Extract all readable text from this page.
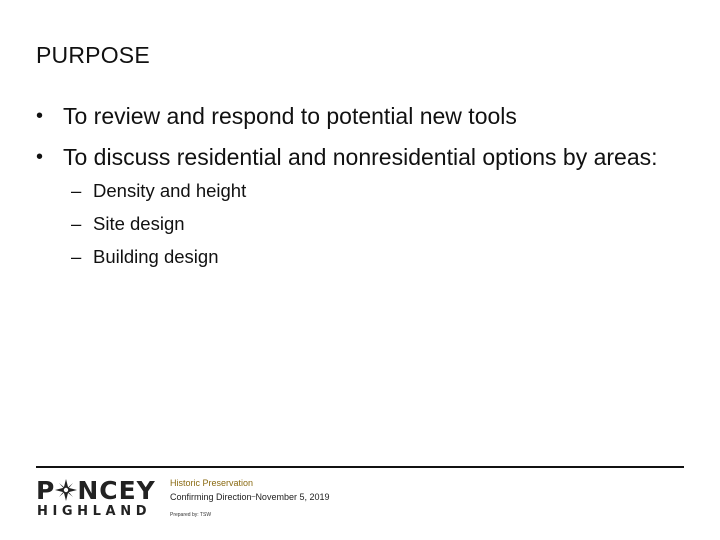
PURPOSE
• To review and respond to potential new tools
• To discuss residential and nonresidential options by areas:
– Density and height
– Site design
– Building design
P NCEY
HIGHLAND
Historic Preservation
Confirming Direction–November 5, 2019
Prepared by: TSW
